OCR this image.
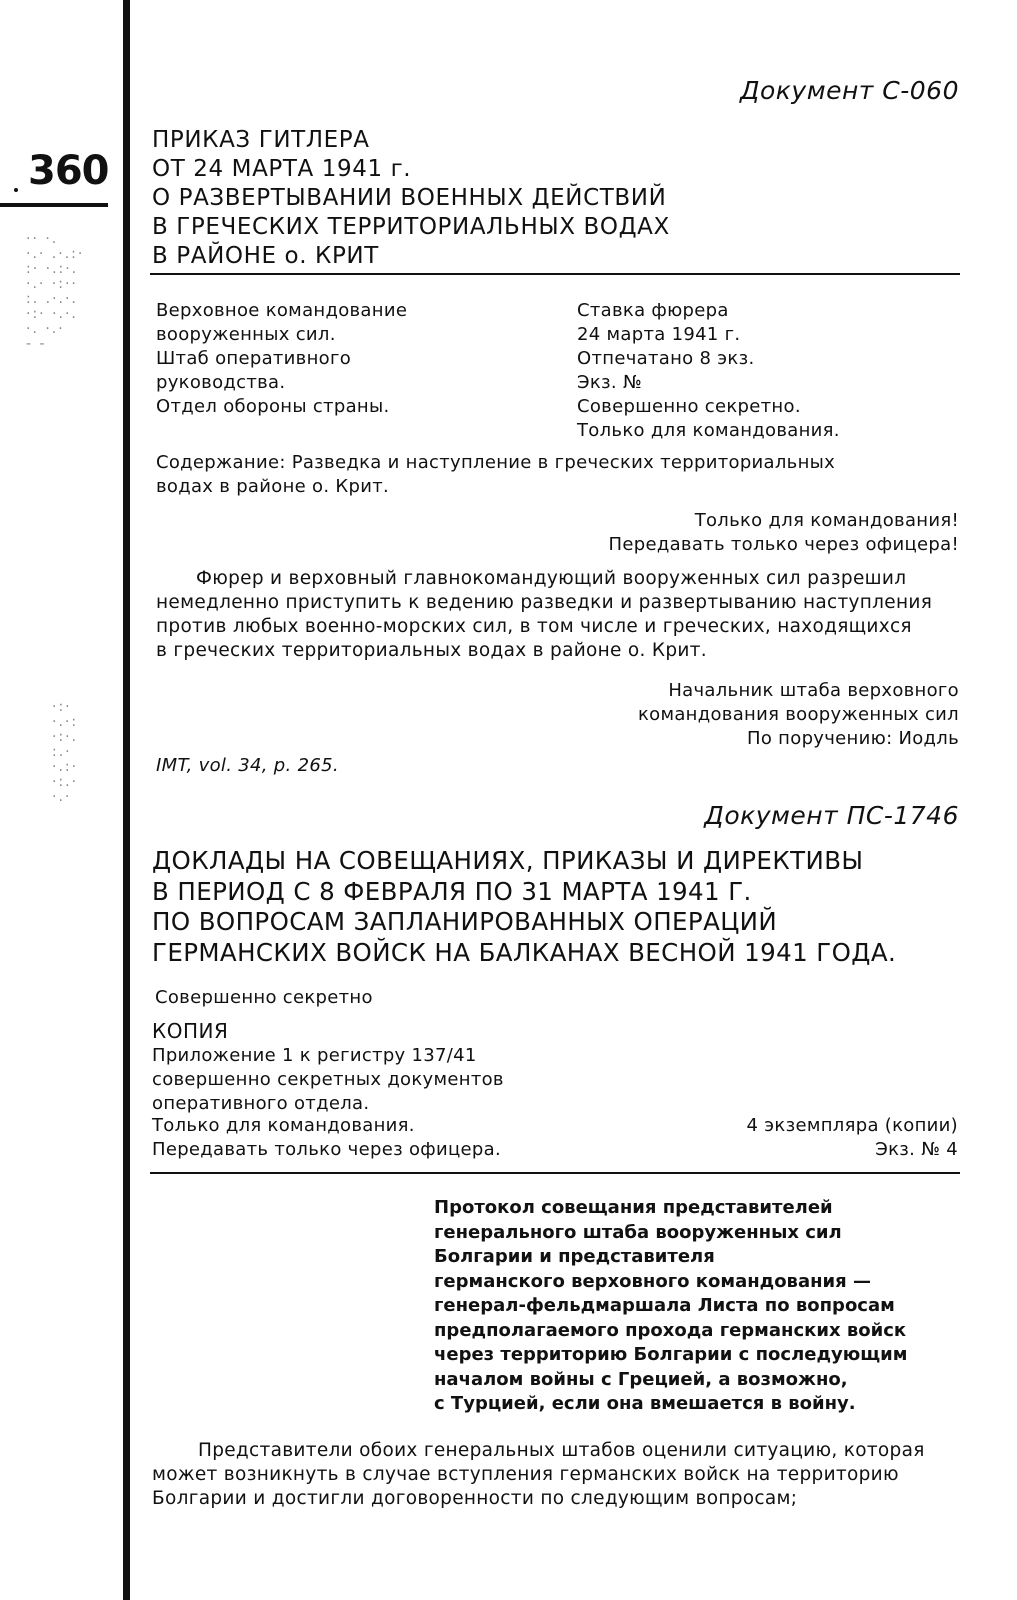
360
·· ·.
·.· .·.:·
:· ·.:·.
·.· ·:··
:. .·.·.
·:· ·.·.
·. ·.·
- -
·:·
·.·:
·:·.
:.·
·.:·
·:.·
·.·
Документ С-060
ПРИКАЗ ГИТЛЕРА
ОТ 24 МАРТА 1941 г.
О РАЗВЕРТЫВАНИИ ВОЕННЫХ ДЕЙСТВИЙ
В ГРЕЧЕСКИХ ТЕРРИТОРИАЛЬНЫХ ВОДАХ
В РАЙОНЕ о. КРИТ
Верховное командование
вооруженных сил.
Штаб оперативного
руководства.
Отдел обороны страны.
Ставка фюрера
24 марта 1941 г.
Отпечатано 8 экз.
Экз. №
Совершенно секретно.
Только для командования.
Содержание: Разведка и наступление в греческих территориальных
водах в районе о. Крит.
Только для командования!
Передавать только через офицера!
Фюрер и верховный главнокомандующий вооруженных сил разрешил
немедленно приступить к ведению разведки и развертыванию наступления
против любых военно-морских сил, в том числе и греческих, находящихся
в греческих территориальных водах в районе о. Крит.
Начальник штаба верховного
командования вооруженных сил
По поручению: Иодль
IMT, vol. 34, p. 265.
Документ ПС-1746
ДОКЛАДЫ НА СОВЕЩАНИЯХ, ПРИКАЗЫ И ДИРЕКТИВЫ
В ПЕРИОД С 8 ФЕВРАЛЯ ПО 31 МАРТА 1941 Г.
ПО ВОПРОСАМ ЗАПЛАНИРОВАННЫХ ОПЕРАЦИЙ
ГЕРМАНСКИХ ВОЙСК НА БАЛКАНАХ ВЕСНОЙ 1941 ГОДА.
Совершенно секретно
КОПИЯ
Приложение 1 к регистру 137/41
совершенно секретных документов
оперативного отдела.
Только для командования.	4 экземпляра (копии)
Передавать только через офицера.	Экз. № 4
Протокол совещания представителей
генерального штаба вооруженных сил
Болгарии и представителя
германского верховного командования —
генерал-фельдмаршала Листа по вопросам
предполагаемого прохода германских войск
через территорию Болгарии с последующим
началом войны с Грецией, а возможно,
с Турцией, если она вмешается в войну.
Представители обоих генеральных штабов оценили ситуацию, которая
может возникнуть в случае вступления германских войск на территорию
Болгарии и достигли договоренности по следующим вопросам;
